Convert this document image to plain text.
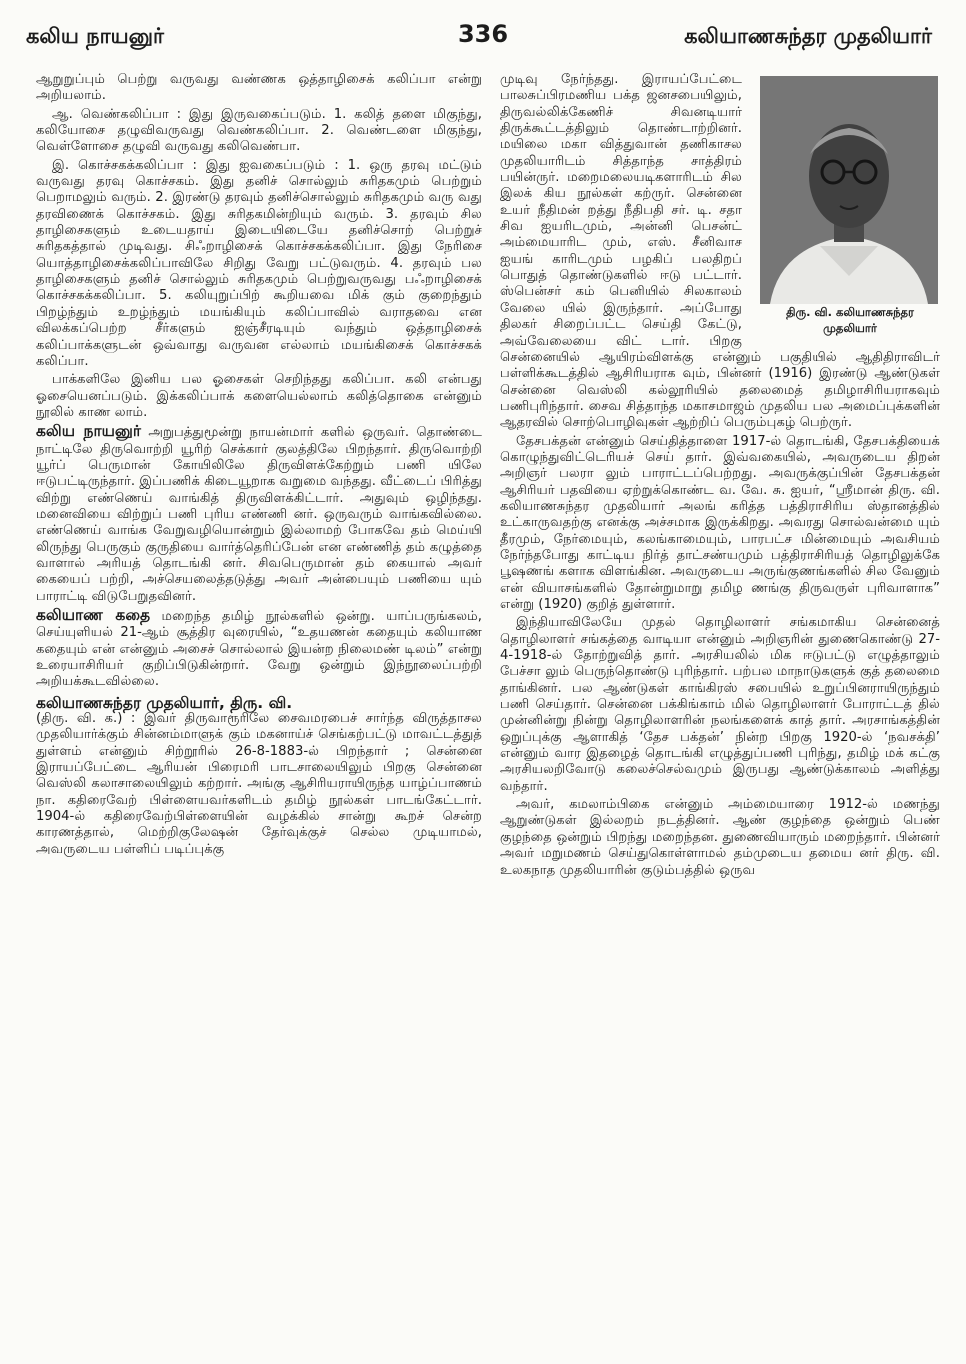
கலிய நாயனுர்	336	கலியாணசுந்தர முதலியார்

ஆறுறுப்பும் பெற்று வருவது வண்ணக ஒத்தாழிசைக் கலிப்பா என்று அறியலாம்.

ஆ. வெண்கலிப்பா : இது இருவகைப்படும். 1. கலித் தளை மிகுந்து, கலியோசை தழுவிவருவது வெண்கலிப்பா. 2. வெண்டளை மிகுந்து, வெள்ளோசை தழுவி வருவது கலிவெண்பா.

இ. கொச்சகக்கலிப்பா : இது ஐவகைப்படும் : 1. ஒரு தரவு மட்டும் வருவது தரவு கொச்சகம். இது தனிச் சொல்லும் சுரிதகமும் பெற்றும் பெறாமலும் வரும். 2. இரண்டு தரவும் தனிச்சொல்லும் சுரிதகமும் வரு வது தரவிணைக் கொச்சகம். இது சுரிதகமின்றியும் வரும். 3. தரவும் சில தாழிசைகளும் உடையதாய் இடையிடையே தனிச்சொற் பெற்றுச் சுரிதகத்தால் முடிவது. சிஃறாழிசைக் கொச்சகக்கலிப்பா. இது நேரிசை யொத்தாழிசைக்கலிப்பாவிலே சிறிது வேறு பட்டுவரும். 4. தரவும் பல தாழிசைகளும் தனிச் சொல்லும் சுரிதகமும் பெற்றுவருவது பஃறாழிசைக் கொச்சகக்கலிப்பா. 5. கலியுறுப்பிற் கூறியவை மிக் கும் குறைந்தும் பிறழ்ந்தும் உறழ்ந்தும் மயங்கியும் கலிப்பாவில் வராதவை என விலக்கப்பெற்ற சீர்களும் ஐஞ்சீரடியும் வந்தும் ஒத்தாழிசைக் கலிப்பாக்களுடன் ஒவ்வாது வருவன எல்லாம் மயங்கிசைக் கொச்சகக் கலிப்பா.

பாக்களிலே இனிய பல ஓசைகள் செறிந்தது கலிப்பா. கலி என்பது ஓசையெனப்படும். இக்கலிப்பாக் களையெல்லாம் கலித்தொகை என்னும் நூலில் காண லாம்.

கலிய நாயனுர் அறுபத்துமூன்று நாயன்மார் களில் ஒருவர். தொண்டை நாட்டிலே திருவொற்றி யூரிற் செக்கார் குலத்திலே பிறந்தார். திருவொற்றி யூர்ப் பெருமான் கோயிலிலே திருவிளக்கேற்றும் பணி யிலே ஈடுபட்டிருந்தார். இப்பணிக் கிடையூறாக வறுமை வந்தது. வீட்டைப் பிரித்து விற்று எண்ணெய் வாங்கித் திருவிளக்கிட்டார். அதுவும் ஒழிந்தது. மனைவியை விற்றுப் பணி புரிய எண்ணி னர். ஒருவரும் வாங்கவில்லை. எண்ணெய் வாங்க வேறுவழியொன்றும் இல்லாமற் போகவே தம் மெய்யி லிருந்து பெருகும் குருதியை வார்த்தெரிப்பேன் என எண்ணித் தம் கழுத்தை வாளால் அரியத் தொடங்கி னர். சிவபெருமான் தம் கையால் அவர் கையைப் பற்றி, அச்செயலைத்தடுத்து அவர் அன்பையும் பணியை யும் பாராட்டி விடுபேறுதவினர்.

கலியாண கதை மறைந்த தமிழ் நூல்களில் ஒன்று. யாப்பருங்கலம், செய்யுளியல் 21-ஆம் சூத்திர வுரையில், “உதயணன் கதையும் கலியாண கதையும் என் என்னும் அசைச் சொல்லால் இயன்ற நிலைமண் டிலம்” என்று உரையாசிரியர் குறிப்பிடுகின்றார். வேறு ஒன்றும் இந்நூலைப்பற்றி அறியக்கூடவில்லை.

கலியாணசுந்தர முதலியார், திரு. வி.
(திரு. வி. க.) : இவர் திருவாரூரிலே சைவமரபைச் சார்ந்த விருத்தாசல முதலியார்க்கும் சின்னம்மாளுக் கும் மகனாய்ச் செங்கற்பட்டு மாவட்டத்துத் துள்ளம் என்னும் சிற்றூரில் 26-8-1883-ல் பிறந்தார் ; சென்னை இராயப்பேட்டை ஆரியன் பிரைமரி பாடசாலையிலும் பிறகு சென்னை வெஸ்லி கலாசாலையிலும் கற்றார். அங்கு ஆசிரியராயிருந்த யாழ்ப்பாணம் நா. கதிரைவேற் பிள்ளையவர்களிடம் தமிழ் நூல்கள் பாடங்கேட்டார். 1904-ல் கதிரைவேற்பிள்ளையின் வழக்கில் சான்று கூறச் சென்ற காரணத்தால், மெற்றிகுலேஷன் தேர்வுக்குச் செல்ல முடியாமல், அவருடைய பள்ளிப் படிப்புக்கு

திரு. வி. கலியாணசுந்தர
முதலியார்

முடிவு நேர்ந்தது. இராயப்பேட்டை பாலசுப்பிரமணிய பக்த ஜனசபையிலும், திருவல்லிக்கேணிச் சிவனடியார் திருக்கூட்டத்திலும் தொண்டாற்றினர். மயிலை மகா வித்துவான் தணிகாசல முதலியாரிடம் சித்தாந்த சாத்திரம் பயின்ருர். மறைமலையடிகளாரிடம் சில இலக் கிய நூல்கள் கற்ருர். சென்னை உயர் நீதிமன் றத்து நீதிபதி சர். டி. சதா சிவ ஐயரிடமும், அன்னி பெசன்ட் அம்மையாரிட மும், எஸ். சீனிவாச ஐயங் காரிடமும் பழகிப் பலதிறப் பொதுத் தொண்டுகளில் ஈடு பட்டார். ஸ்பென்சர் கம் பெனியில் சிலகாலம் வேலை யில் இருந்தார். அப்போது திலகர் சிறைப்பட்ட செய்தி கேட்டு, அவ்வேலையை விட் டார். பிறகு சென்னையில் ஆயிரம்விளக்கு என்னும் பகுதியில் ஆதிதிராவிடர் பள்ளிக்கூடத்தில் ஆசிரியராக வும், பின்னர் (1916) இரண்டு ஆண்டுகள் சென்னை வெஸ்லி கல்லூரியில் தலைமைத் தமிழாசிரியராகவும் பணிபுரிந்தார். சைவ சித்தாந்த மகாசமாஜம் முதலிய பல அமைப்புக்களின் ஆதரவில் சொற்பொழிவுகள் ஆற்றிப் பெரும்புகழ் பெற்ருர்.

தேசபக்தன் என்னும் செய்தித்தாளை 1917-ல் தொடங்கி, தேசபக்தியைக் கொழுந்துவிட்டெரியச் செய் தார். இவ்வகையில், அவருடைய திறன் அறிஞர் பலரா லும் பாராட்டப்பெற்றது. அவருக்குப்பின் தேசபக்தன் ஆசிரியர் பதவியை ஏற்றுக்கொண்ட வ. வே. சு. ஐயர், “ஸ்ரீமான் திரு. வி. கலியாணசுந்தர முதலியார் அலங் கரித்த பத்திராசிரிய ஸ்தானத்தில் உட்காருவதற்கு எனக்கு அச்சமாக இருக்கிறது. அவரது சொல்வன்மை யும் தீரமும், நேர்மையும், கலங்காமையும், பாரபட்ச மின்மையும் அவசியம் நேர்ந்தபோது காட்டிய நிர்த் தாட்சண்யமும் பத்திராசிரியத் தொழிலுக்கே பூஷணங் களாக விளங்கின. அவருடைய அருங்குணங்களில் சில வேனும் என் வியாசங்களில் தோன்றுமாறு தமிழ ணங்கு திருவருள் புரிவாளாக” என்று (1920) குறித் துள்ளார்.

இந்தியாவிலேயே முதல் தொழிலாளர் சங்கமாகிய சென்னைத் தொழிலாளர் சங்கத்தை வாடியா என்னும் அறிஞரின் துணைகொண்டு 27-4-1918-ல் தோற்றுவித் தார். அரசியலில் மிக ஈடுபட்டு எழுத்தாலும் பேச்சா லும் பெருந்தொண்டு புரிந்தார். பற்பல மாநாடுகளுக் குத் தலைமை தாங்கினர். பல ஆண்டுகள் காங்கிரஸ் சபையில் உறுப்பினராயிருந்தும் பணி செய்தார். சென்னை பக்கிங்காம் மில் தொழிலாளர் போராட்டத் தில் முன்னின்று நின்று தொழிலாளரின் நலங்களைக் காத் தார். அரசாங்கத்தின் ஒறுப்புக்கு ஆளாகித் ‘தேச பக்தன்’ நின்ற பிறகு 1920-ல் ‘நவசக்தி’ என்னும் வார இதழைத் தொடங்கி எழுத்துப்பணி புரிந்து, தமிழ் மக் கட்கு அரசியலறிவோடு கலைச்செல்வமும் இருபது ஆண்டுக்காலம் அளித்து வந்தார்.

அவர், கமலாம்பிகை என்னும் அம்மையாரை 1912-ல் மணந்து ஆறுண்டுகள் இல்லறம் நடத்தினர். ஆண் குழந்தை ஒன்றும் பெண் குழந்தை ஒன்றும் பிறந்து மறைந்தன. துணைவியாரும் மறைந்தார். பின்னர் அவர் மறுமணம் செய்துகொள்ளாமல் தம்முடைய தமைய னர் திரு. வி. உலகநாத முதலியாரின் குடும்பத்தில் ஒருவ
